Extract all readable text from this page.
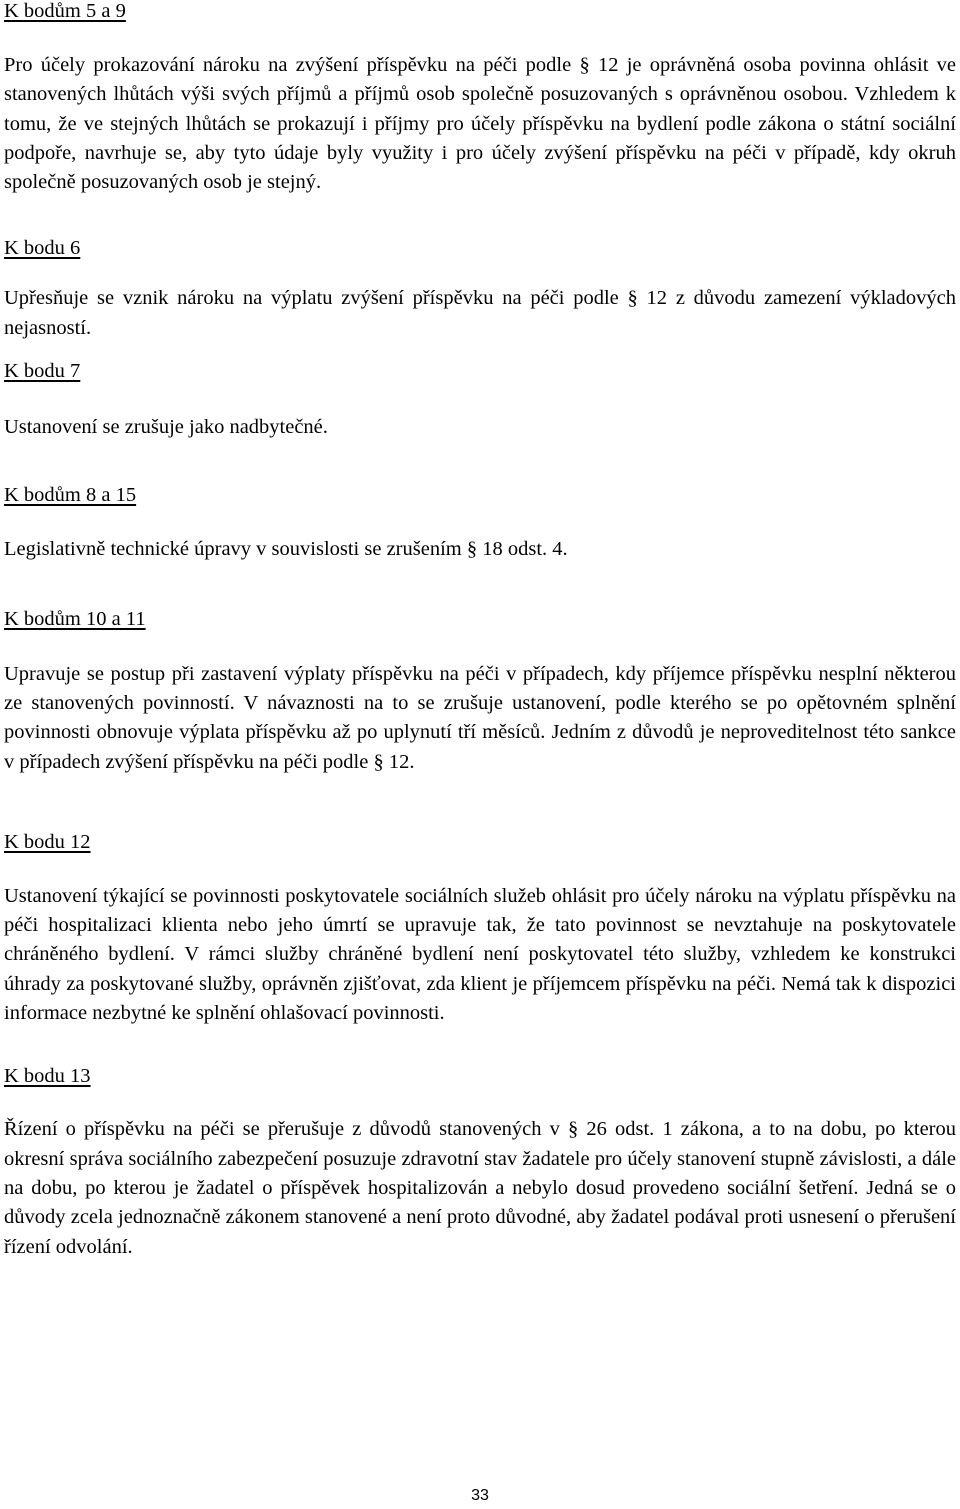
K bodům 5 a 9

Pro účely prokazování nároku na zvýšení příspěvku na péči podle § 12 je oprávněná osoba povinna ohlásit ve stanovených lhůtách výši svých příjmů a příjmů osob společně posuzovaných s oprávněnou osobou. Vzhledem k tomu, že ve stejných lhůtách se prokazují i příjmy pro účely příspěvku na bydlení podle zákona o státní sociální podpoře, navrhuje se, aby tyto údaje byly využity i pro účely zvýšení příspěvku na péči v případě, kdy okruh společně posuzovaných osob je stejný.

K bodu 6

Upřesňuje se vznik nároku na výplatu zvýšení příspěvku na péči podle § 12 z důvodu zamezení výkladových nejasností.

K bodu 7

Ustanovení se zrušuje jako nadbytečné.

K bodům 8 a 15

Legislativně technické úpravy v souvislosti se zrušením § 18 odst. 4.

K bodům 10 a 11

Upravuje se postup při zastavení výplaty příspěvku na péči v případech, kdy příjemce příspěvku nesplní některou ze stanovených povinností. V návaznosti na to se zrušuje ustanovení, podle kterého se po opětovném splnění povinnosti obnovuje výplata příspěvku až po uplynutí tří měsíců. Jedním z důvodů je neproveditelnost této sankce v případech zvýšení příspěvku na péči podle § 12.

K bodu 12

Ustanovení týkající se povinnosti poskytovatele sociálních služeb ohlásit pro účely nároku na výplatu příspěvku na péči hospitalizaci klienta nebo jeho úmrtí se upravuje tak, že tato povinnost se nevztahuje na poskytovatele chráněného bydlení. V rámci služby chráněné bydlení není poskytovatel této služby, vzhledem ke konstrukci úhrady za poskytované služby, oprávněn zjišťovat, zda klient je příjemcem příspěvku na péči. Nemá tak k dispozici informace nezbytné ke splnění ohlašovací povinnosti.

K bodu 13

Řízení o příspěvku na péči se přerušuje z důvodů stanovených v § 26 odst. 1 zákona, a to na dobu, po kterou okresní správa sociálního zabezpečení posuzuje zdravotní stav žadatele pro účely stanovení stupně závislosti, a dále na dobu, po kterou je žadatel o příspěvek hospitalizován a nebylo dosud provedeno sociální šetření. Jedná se o důvody zcela jednoznačně zákonem stanovené a není proto důvodné, aby žadatel podával proti usnesení o přerušení řízení odvolání.

33
